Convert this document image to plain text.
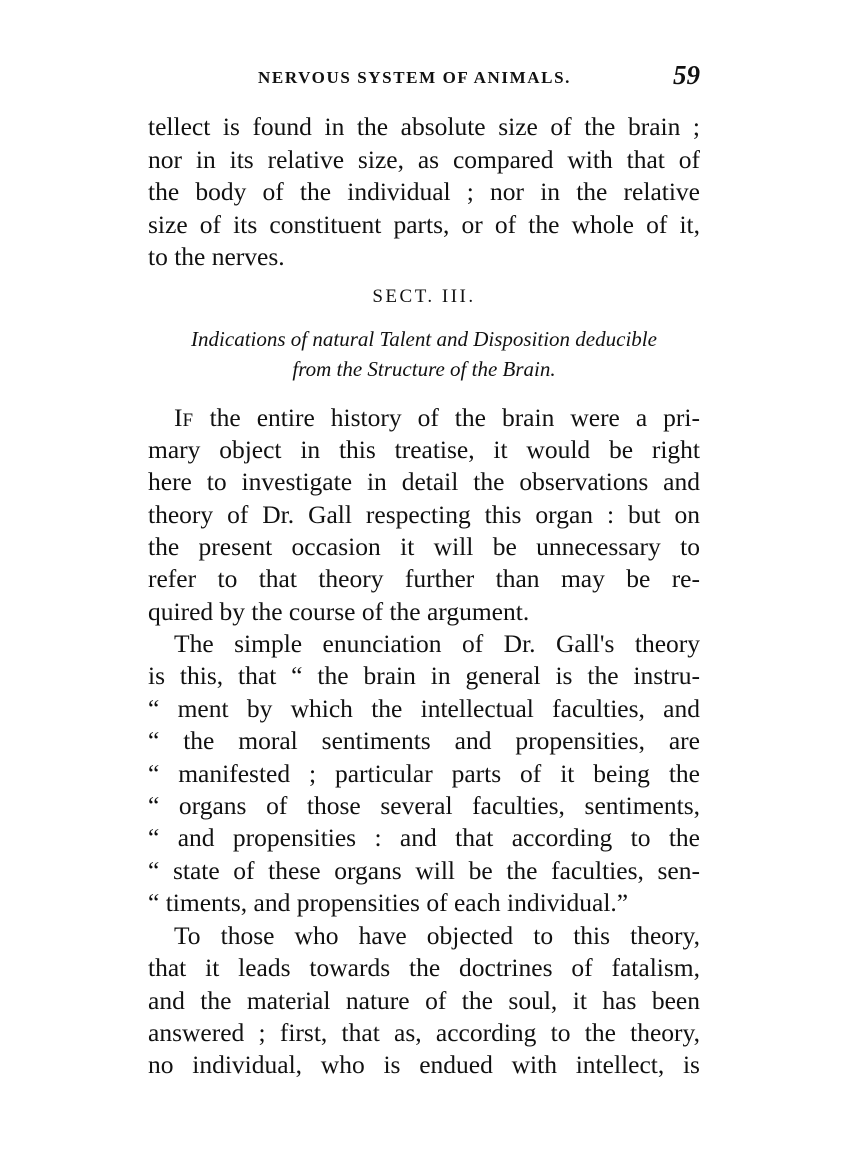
NERVOUS SYSTEM OF ANIMALS.	59
tellect is found in the absolute size of the brain ;
nor in its relative size, as compared with that of
the body of the individual ; nor in the relative
size of its constituent parts, or of the whole of it,
to the nerves.
SECT. III.
Indications of natural Talent and Disposition deducible
from the Structure of the Brain.
IF the entire history of the brain were a pri-
mary object in this treatise, it would be right
here to investigate in detail the observations and
theory of Dr. Gall respecting this organ : but on
the present occasion it will be unnecessary to
refer to that theory further than may be re-
quired by the course of the argument.
The simple enunciation of Dr. Gall's theory
is this, that “ the brain in general is the instru-
“ ment by which the intellectual faculties, and
“ the moral sentiments and propensities, are
“ manifested ; particular parts of it being the
“ organs of those several faculties, sentiments,
“ and propensities : and that according to the
“ state of these organs will be the faculties, sen-
“ timents, and propensities of each individual.”
To those who have objected to this theory,
that it leads towards the doctrines of fatalism,
and the material nature of the soul, it has been
answered ; first, that as, according to the theory,
no individual, who is endued with intellect, is
